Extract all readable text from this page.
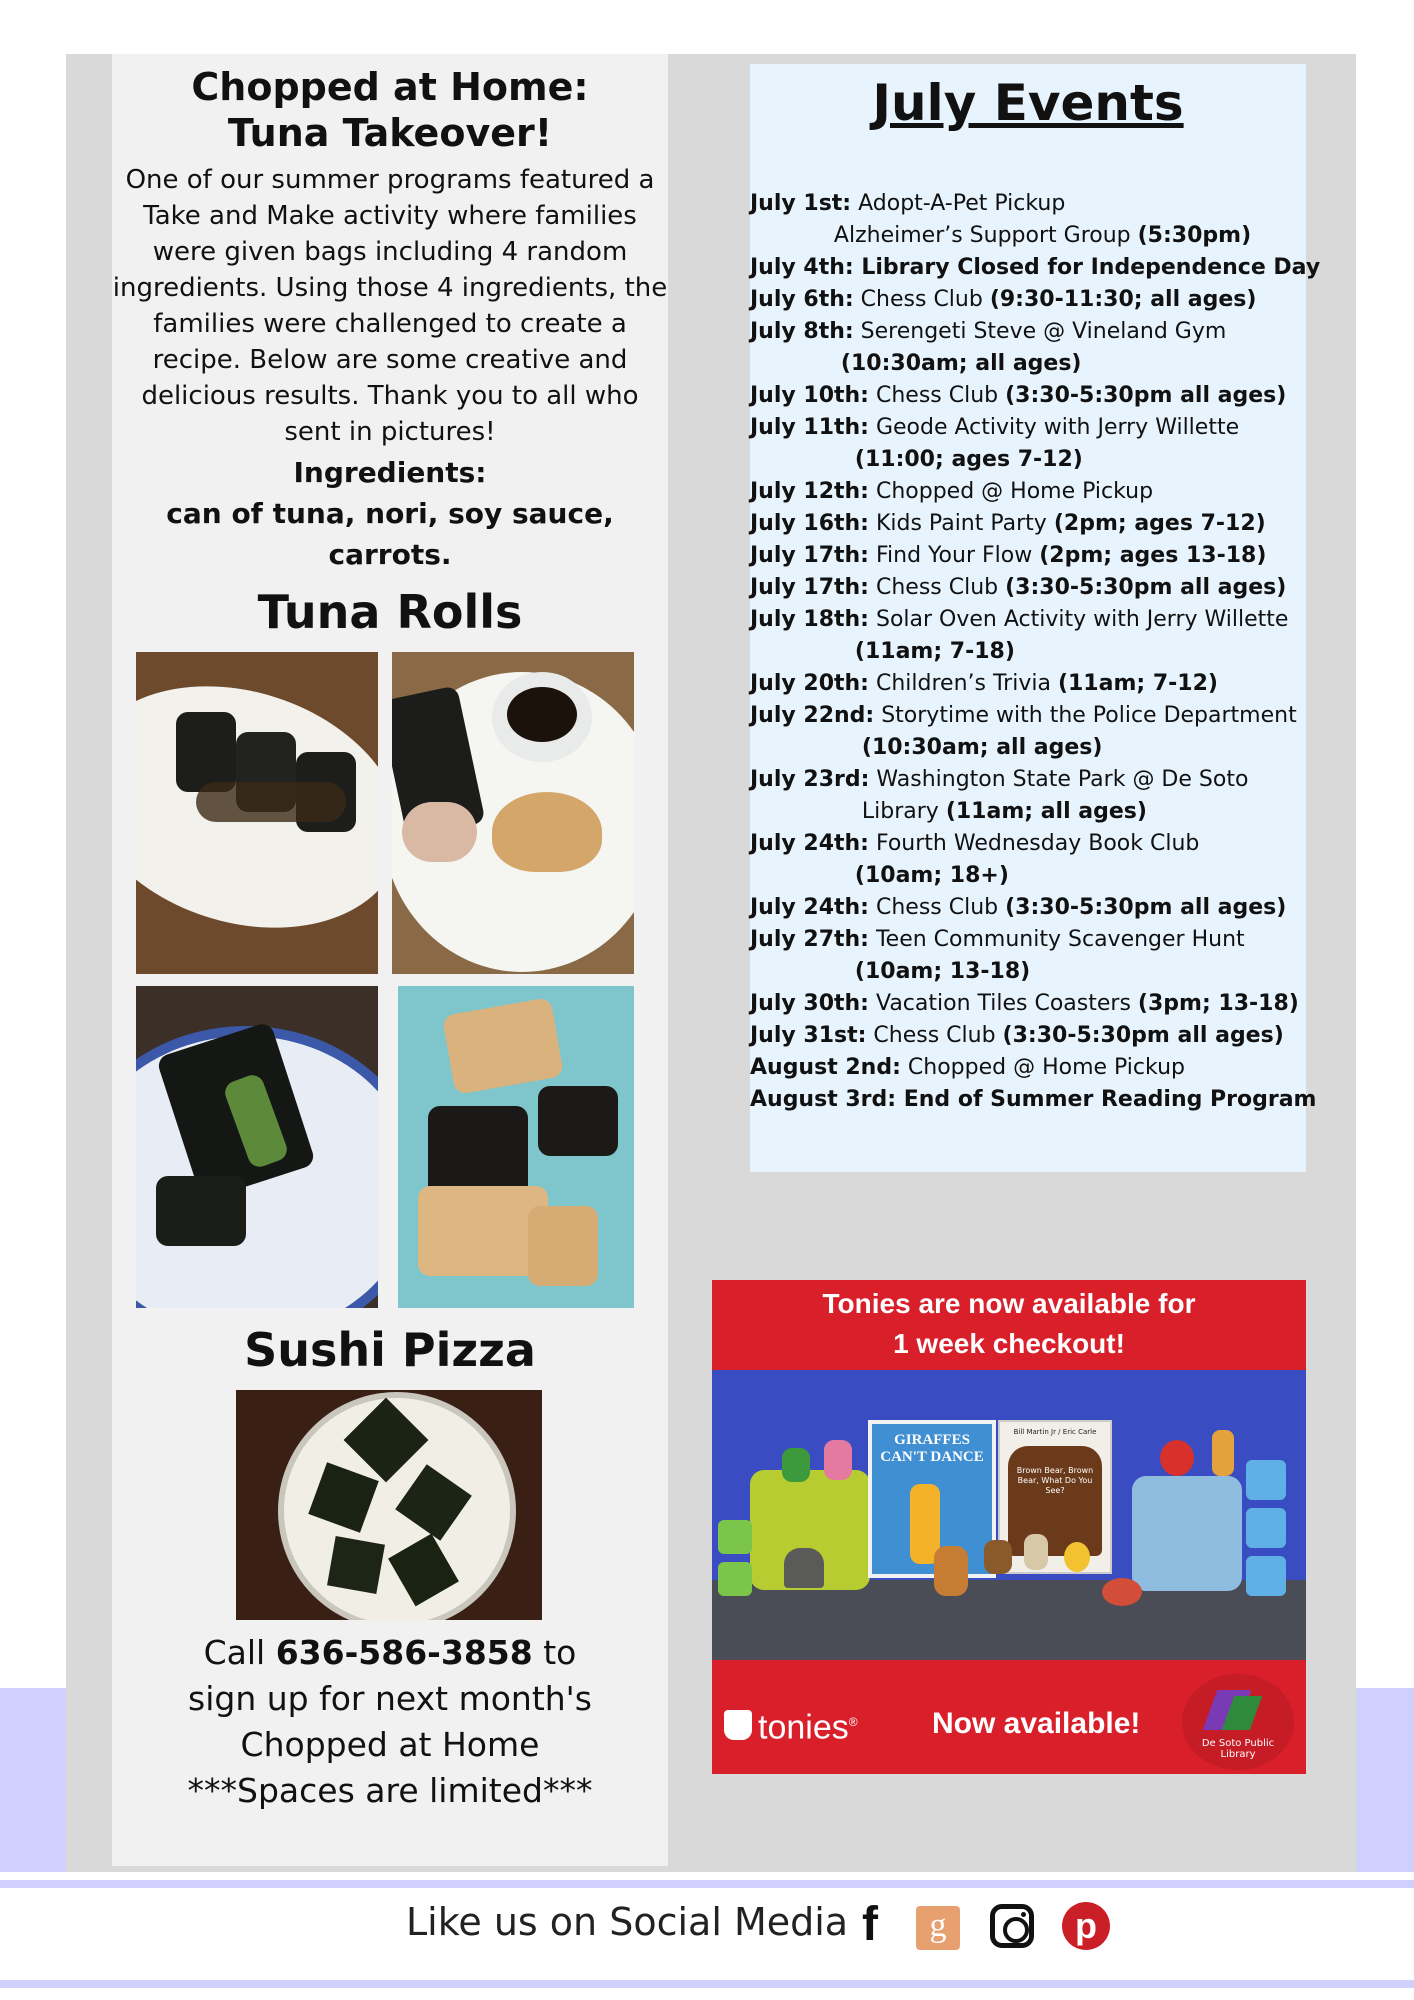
Chopped at Home:
Tuna Takeover!
One of our summer programs featured a
Take and Make activity where families
were given bags including 4 random
ingredients. Using those 4 ingredients, the
families were challenged to create a
recipe. Below are some creative and
delicious results. Thank you to all who
sent in pictures!
Ingredients:
can of tuna, nori, soy sauce,
carrots.
Tuna Rolls
Sushi Pizza
Call 636-586-3858 to
sign up for next month's
Chopped at Home
***Spaces are limited***
July Events
July 1st: Adopt-A-Pet Pickup
Alzheimer’s Support Group (5:30pm)
July 4th: Library Closed for Independence Day
July 6th: Chess Club (9:30-11:30; all ages)
July 8th: Serengeti Steve @ Vineland Gym
(10:30am; all ages)
July 10th: Chess Club (3:30-5:30pm all ages)
July 11th: Geode Activity with Jerry Willette
(11:00; ages 7-12)
July 12th: Chopped @ Home Pickup
July 16th: Kids Paint Party (2pm; ages 7-12)
July 17th: Find Your Flow (2pm; ages 13-18)
July 17th: Chess Club (3:30-5:30pm all ages)
July 18th: Solar Oven Activity with Jerry Willette
(11am; 7-18)
July 20th: Children’s Trivia (11am; 7-12)
July 22nd: Storytime with the Police Department
(10:30am; all ages)
July 23rd: Washington State Park @ De Soto
Library (11am; all ages)
July 24th: Fourth Wednesday Book Club
(10am; 18+)
July 24th: Chess Club (3:30-5:30pm all ages)
July 27th: Teen Community Scavenger Hunt
(10am; 13-18)
July 30th: Vacation Tiles Coasters (3pm; 13-18)
July 31st: Chess Club (3:30-5:30pm all ages)
August 2nd: Chopped @ Home Pickup
August 3rd: End of Summer Reading Program
Tonies are now available for
1 week checkout!
GIRAFFES CAN'T DANCE
Bill Martin Jr / Eric Carle
Brown Bear, Brown Bear, What Do You See?
tonies® Now available!
De Soto Public Library
Like us on Social Media f	g	p
